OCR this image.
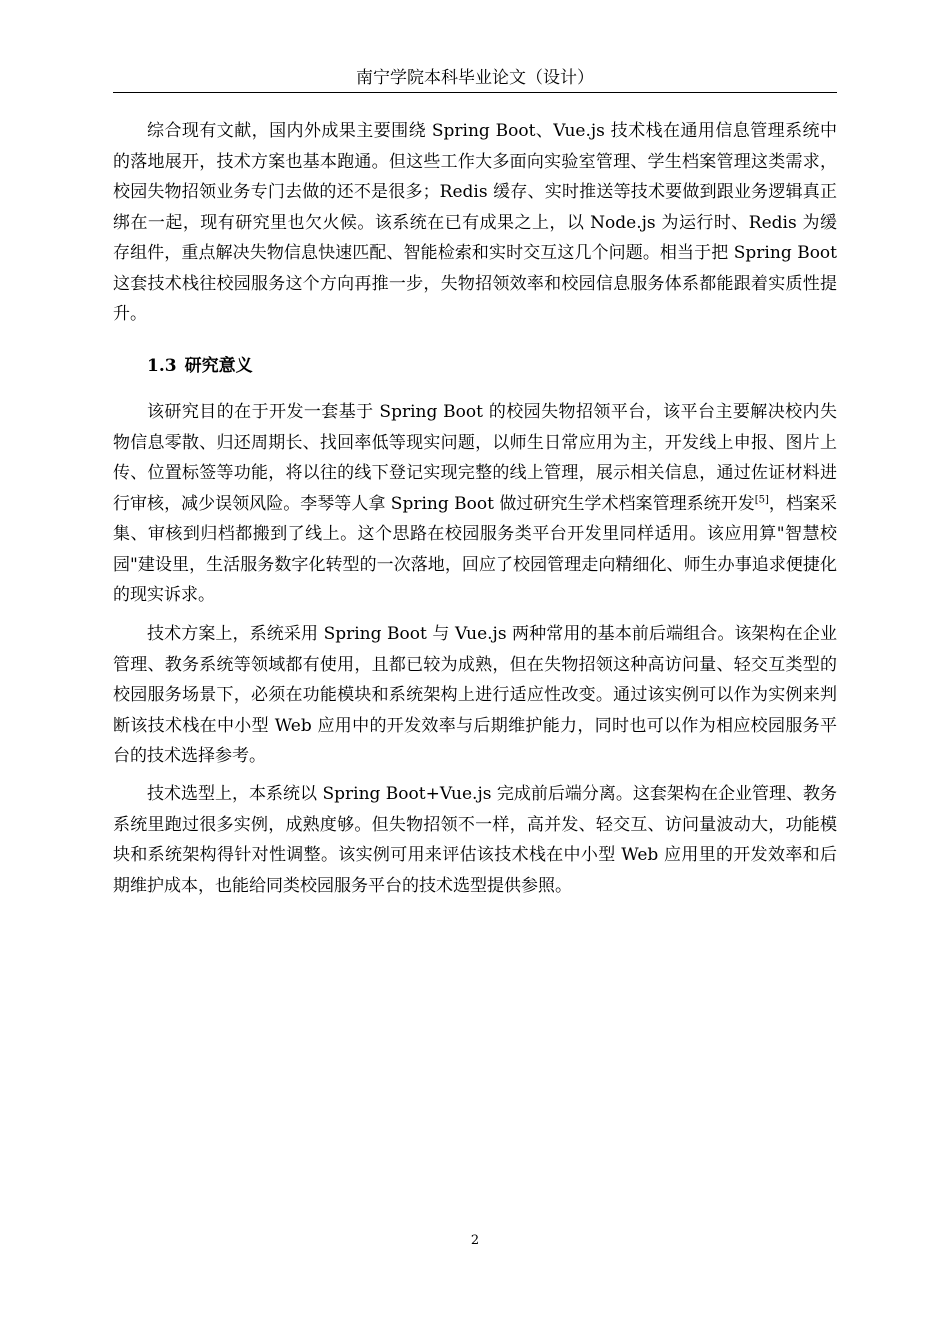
南宁学院本科毕业论文（设计）

综合现有文献，国内外成果主要围绕 Spring Boot、Vue.js 技术栈在通用信息管理系统中的落地展开，技术方案也基本跑通。但这些工作大多面向实验室管理、学生档案管理这类需求，校园失物招领业务专门去做的还不是很多；Redis 缓存、实时推送等技术要做到跟业务逻辑真正绑在一起，现有研究里也欠火候。该系统在已有成果之上，以 Node.js 为运行时、Redis 为缓存组件，重点解决失物信息快速匹配、智能检索和实时交互这几个问题。相当于把 Spring Boot 这套技术栈往校园服务这个方向再推一步，失物招领效率和校园信息服务体系都能跟着实质性提升。

1.3 研究意义

该研究目的在于开发一套基于 Spring Boot 的校园失物招领平台，该平台主要解决校内失物信息零散、归还周期长、找回率低等现实问题，以师生日常应用为主，开发线上申报、图片上传、位置标签等功能，将以往的线下登记实现完整的线上管理，展示相关信息，通过佐证材料进行审核，减少误领风险。李琴等人拿 Spring Boot 做过研究生学术档案管理系统开发[5]，档案采集、审核到归档都搬到了线上。这个思路在校园服务类平台开发里同样适用。该应用算"智慧校园"建设里，生活服务数字化转型的一次落地，回应了校园管理走向精细化、师生办事追求便捷化的现实诉求。

技术方案上，系统采用 Spring Boot 与 Vue.js 两种常用的基本前后端组合。该架构在企业管理、教务系统等领域都有使用，且都已较为成熟，但在失物招领这种高访问量、轻交互类型的校园服务场景下，必须在功能模块和系统架构上进行适应性改变。通过该实例可以作为实例来判断该技术栈在中小型 Web 应用中的开发效率与后期维护能力，同时也可以作为相应校园服务平台的技术选择参考。

技术选型上，本系统以 Spring Boot+Vue.js 完成前后端分离。这套架构在企业管理、教务系统里跑过很多实例，成熟度够。但失物招领不一样，高并发、轻交互、访问量波动大，功能模块和系统架构得针对性调整。该实例可用来评估该技术栈在中小型 Web 应用里的开发效率和后期维护成本，也能给同类校园服务平台的技术选型提供参照。

2
